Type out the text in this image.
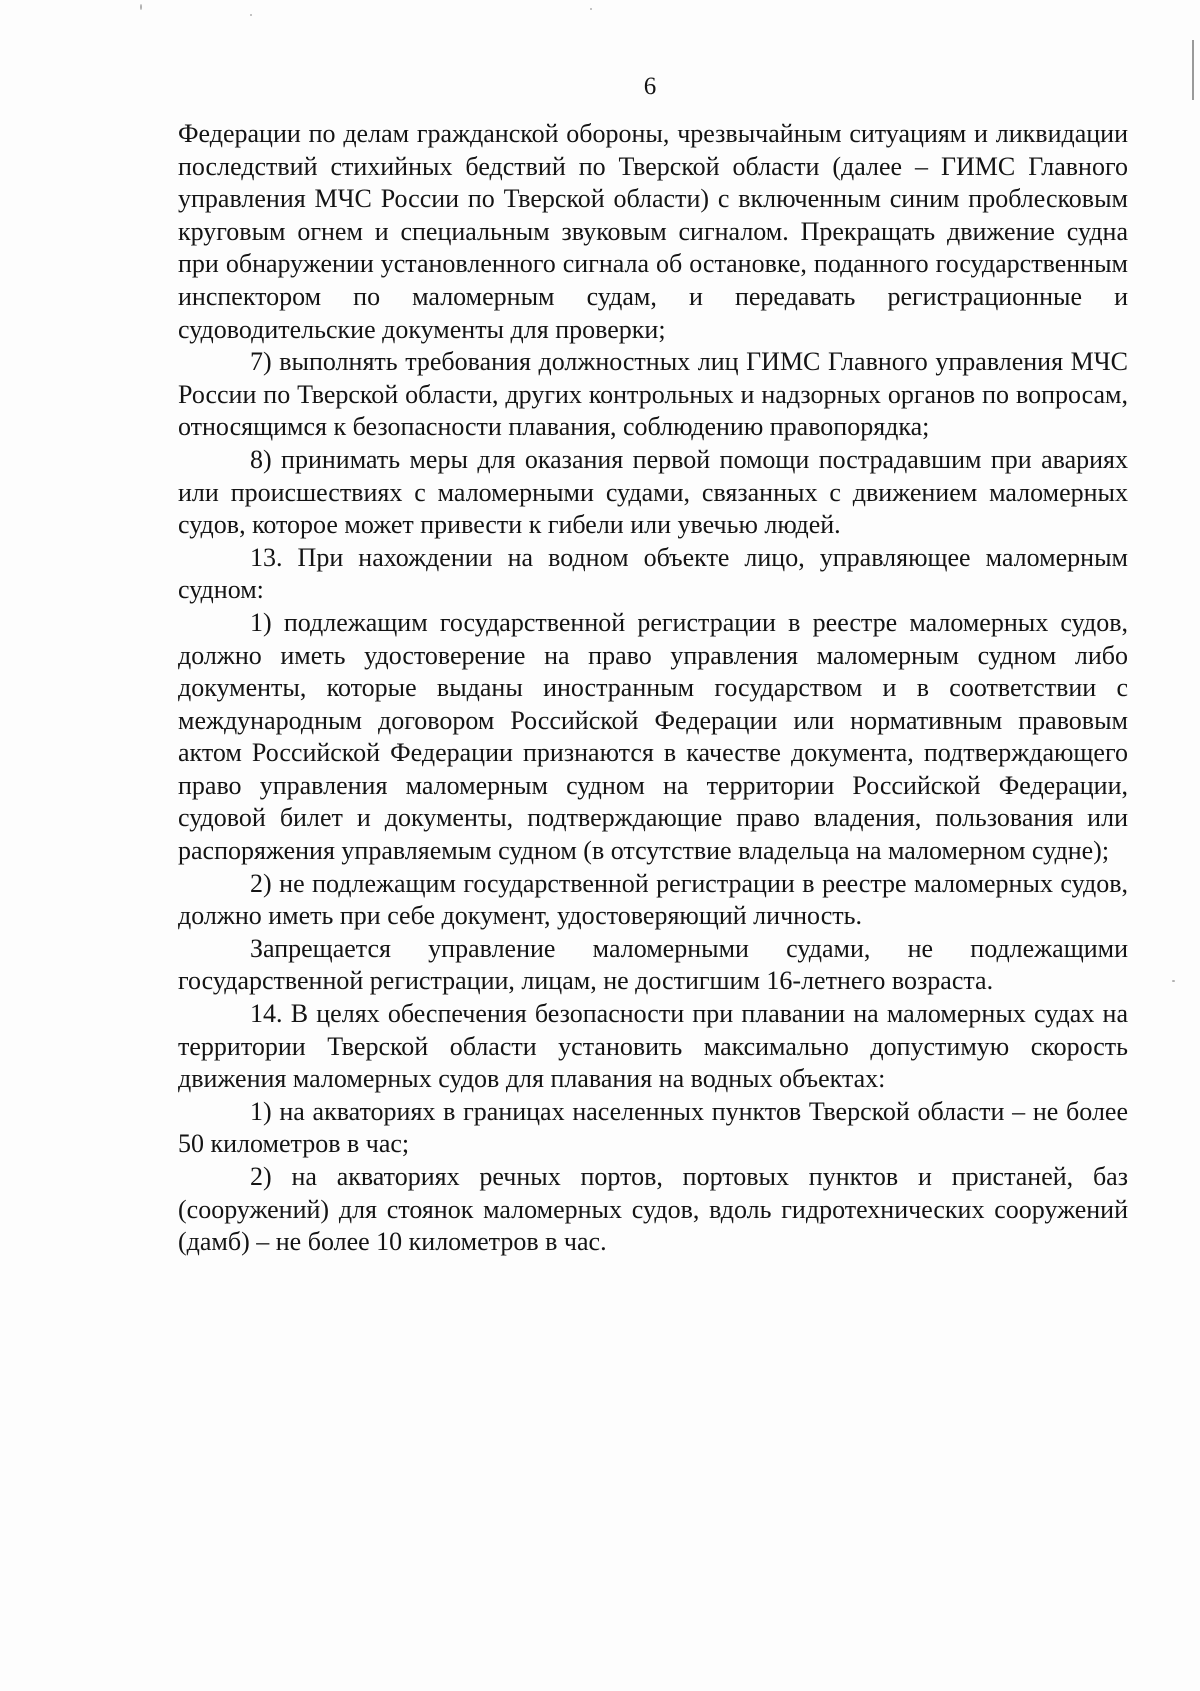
6

Федерации по делам гражданской обороны, чрезвычайным ситуациям и ликвидации последствий стихийных бедствий по Тверской области (далее – ГИМС Главного управления МЧС России по Тверской области) с включенным синим проблесковым круговым огнем и специальным звуковым сигналом. Прекращать движение судна при обнаружении установленного сигнала об остановке, поданного государственным инспектором по маломерным судам, и передавать регистрационные и судоводительские документы для проверки;

7) выполнять требования должностных лиц ГИМС Главного управления МЧС России по Тверской области, других контрольных и надзорных органов по вопросам, относящимся к безопасности плавания, соблюдению правопорядка;

8) принимать меры для оказания первой помощи пострадавшим при авариях или происшествиях с маломерными судами, связанных с движением маломерных судов, которое может привести к гибели или увечью людей.

13. При нахождении на водном объекте лицо, управляющее маломерным судном:

1) подлежащим государственной регистрации в реестре маломерных судов, должно иметь удостоверение на право управления маломерным судном либо документы, которые выданы иностранным государством и в соответствии с международным договором Российской Федерации или нормативным правовым актом Российской Федерации признаются в качестве документа, подтверждающего право управления маломерным судном на территории Российской Федерации, судовой билет и документы, подтверждающие право владения, пользования или распоряжения управляемым судном (в отсутствие владельца на маломерном судне);

2) не подлежащим государственной регистрации в реестре маломерных судов, должно иметь при себе документ, удостоверяющий личность.

Запрещается управление маломерными судами, не подлежащими государственной регистрации, лицам, не достигшим 16-летнего возраста.

14. В целях обеспечения безопасности при плавании на маломерных судах на территории Тверской области установить максимально допустимую скорость движения маломерных судов для плавания на водных объектах:

1) на акваториях в границах населенных пунктов Тверской области – не более 50 километров в час;

2) на акваториях речных портов, портовых пунктов и пристаней, баз (сооружений) для стоянок маломерных судов, вдоль гидротехнических сооружений (дамб) – не более 10 километров в час.
